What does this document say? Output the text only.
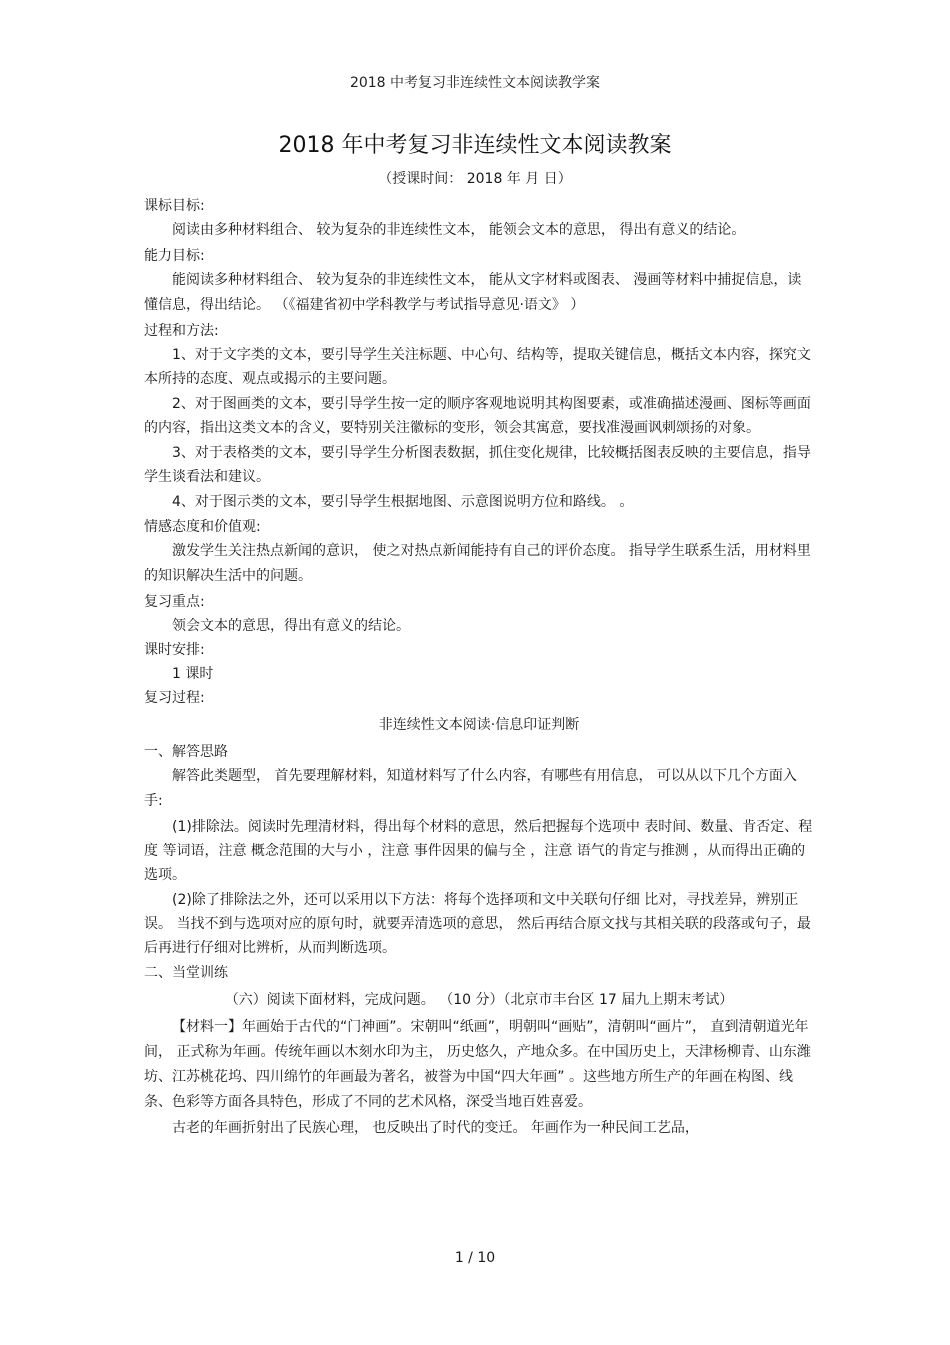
2018 中考复习非连续性文本阅读教学案
2018 年中考复习非连续性文本阅读教案
（授课时间： 2018 年 月 日）

课标目标:

阅读由多种材料组合、 较为复杂的非连续性文本， 能领会文本的意思， 得出有意义的结论。

能力目标:

能阅读多种材料组合、 较为复杂的非连续性文本， 能从文字材料或图表、 漫画等材料中捕捉信息，读懂信息，得出结论。 （《福建省初中学科教学与考试指导意见·语文》 ）

过程和方法:

1、对于文字类的文本，要引导学生关注标题、中心句、结构等，提取关键信息，概括文本内容，探究文本所持的态度、观点或揭示的主要问题。

2、对于图画类的文本，要引导学生按一定的顺序客观地说明其构图要素，或准确描述漫画、图标等画面的内容，指出这类文本的含义，要特别关注徽标的变形，领会其寓意，要找准漫画讽刺颂扬的对象。

3、对于表格类的文本，要引导学生分析图表数据，抓住变化规律，比较概括图表反映的主要信息，指导学生谈看法和建议。

4、对于图示类的文本，要引导学生根据地图、示意图说明方位和路线。 。

情感态度和价值观:

激发学生关注热点新闻的意识， 使之对热点新闻能持有自己的评价态度。 指导学生联系生活，用材料里的知识解决生活中的问题。

复习重点:

领会文本的意思，得出有意义的结论。

课时安排:

1 课时

复习过程:

非连续性文本阅读·信息印证判断

一、解答思路

解答此类题型， 首先要理解材料，知道材料写了什么内容，有哪些有用信息， 可以从以下几个方面入手:

(1)排除法。阅读时先理清材料，得出每个材料的意思，然后把握每个选项中 表时间、数量、肯否定、程度 等词语，注意 概念范围的大与小 ，注意 事件因果的偏与全 ，注意 语气的肯定与推测 ，从而得出正确的选项。

(2)除了排除法之外，还可以采用以下方法：将每个选择项和文中关联句仔细 比对，寻找差异，辨别正误。 当找不到与选项对应的原句时，就要弄清选项的意思， 然后再结合原文找与其相关联的段落或句子，最后再进行仔细对比辨析，从而判断选项。

二、当堂训练

（六）阅读下面材料，完成问题。 （10 分）（北京市丰台区 17 届九上期末考试）

【材料一】年画始于古代的“门神画”。宋朝叫“纸画”，明朝叫“画贴”，清朝叫“画片”， 直到清朝道光年间， 正式称为年画。传统年画以木刻水印为主， 历史悠久，产地众多。在中国历史上，天津杨柳青、山东潍坊、江苏桃花坞、四川绵竹的年画最为著名，被誉为中国“四大年画” 。这些地方所生产的年画在构图、线条、色彩等方面各具特色，形成了不同的艺术风格，深受当地百姓喜爱。

古老的年画折射出了民族心理， 也反映出了时代的变迁。 年画作为一种民间工艺品，

1 / 10
